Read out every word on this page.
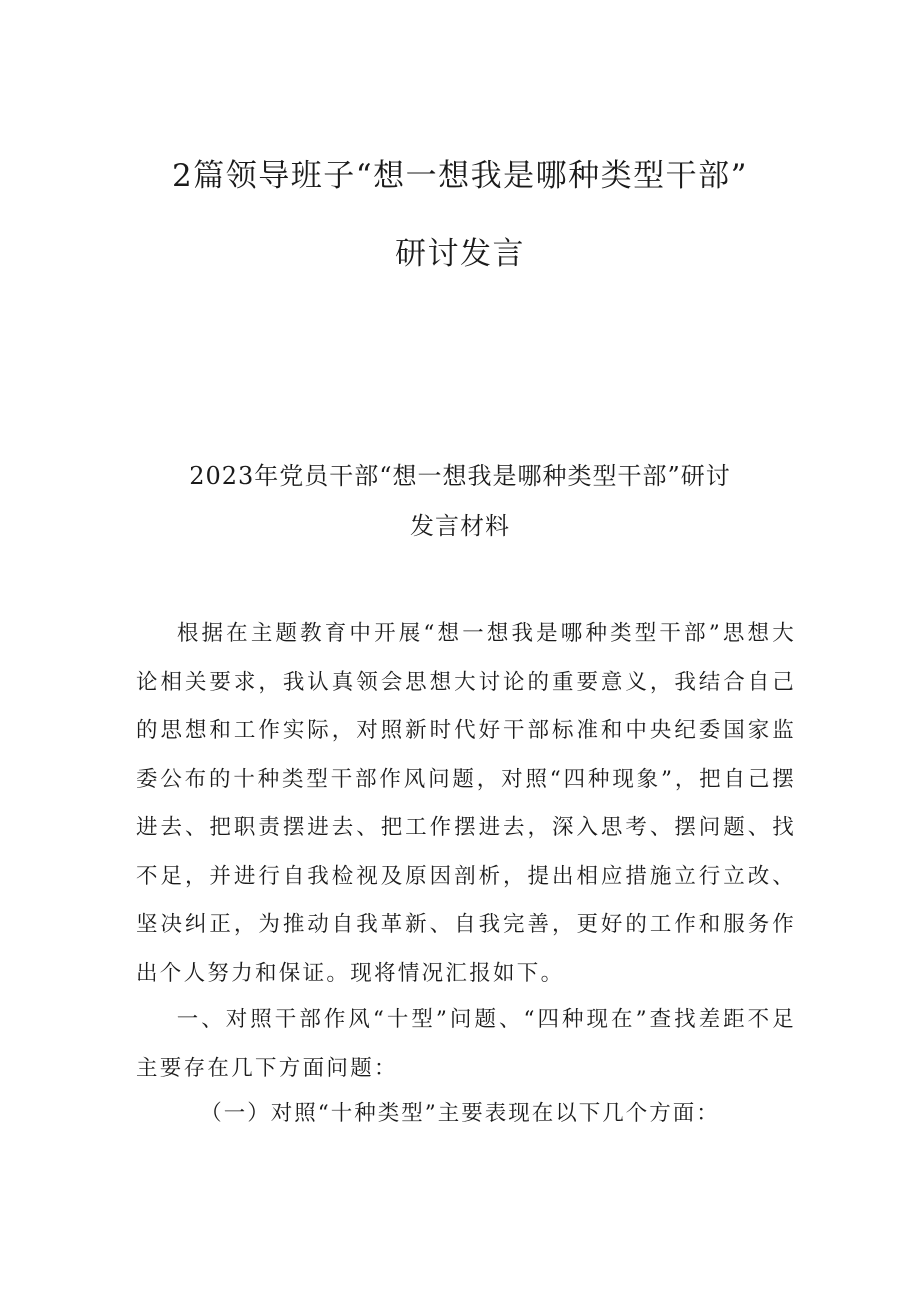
2篇领导班子“想一想我是哪种类型干部”
研讨发言
2023年党员干部“想一想我是哪种类型干部”研讨
发言材料

根据在主题教育中开展“想一想我是哪种类型干部”思想大论相关要求，我认真领会思想大讨论的重要意义，我结合自己的思想和工作实际，对照新时代好干部标准和中央纪委国家监委公布的十种类型干部作风问题，对照“四种现象”，把自己摆进去、把职责摆进去、把工作摆进去，深入思考、摆问题、找不足，并进行自我检视及原因剖析，提出相应措施立行立改、坚决纠正，为推动自我革新、自我完善，更好的工作和服务作出个人努力和保证。现将情况汇报如下。

一、对照干部作风“十型”问题、“四种现在”查找差距不足主要存在几下方面问题：

（一）对照“十种类型”主要表现在以下几个方面：
